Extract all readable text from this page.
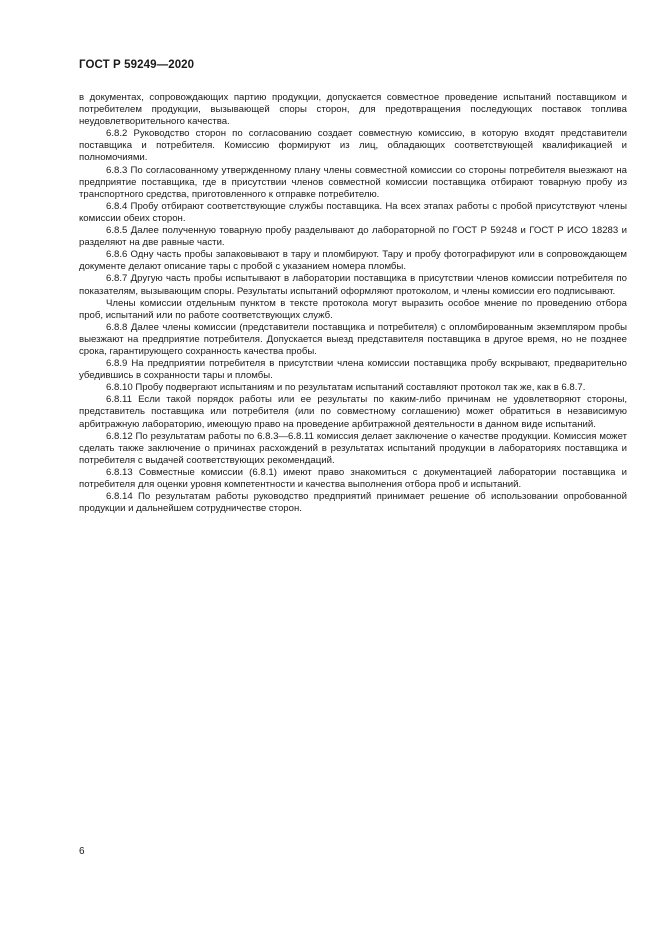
ГОСТ Р 59249—2020

в документах, сопровождающих партию продукции, допускается совместное проведение испытаний поставщиком и потребителем продукции, вызывающей споры сторон, для предотвращения последующих поставок топлива неудовлетворительного качества.

6.8.2 Руководство сторон по согласованию создает совместную комиссию, в которую входят представители поставщика и потребителя. Комиссию формируют из лиц, обладающих соответствующей квалификацией и полномочиями.

6.8.3 По согласованному утвержденному плану члены совместной комиссии со стороны потребителя выезжают на предприятие поставщика, где в присутствии членов совместной комиссии поставщика отбирают товарную пробу из транспортного средства, приготовленного к отправке потребителю.

6.8.4 Пробу отбирают соответствующие службы поставщика. На всех этапах работы с пробой присутствуют члены комиссии обеих сторон.

6.8.5 Далее полученную товарную пробу разделывают до лабораторной по ГОСТ Р 59248 и ГОСТ Р ИСО 18283 и разделяют на две равные части.

6.8.6 Одну часть пробы запаковывают в тару и пломбируют. Тару и пробу фотографируют или в сопровождающем документе делают описание тары с пробой с указанием номера пломбы.

6.8.7 Другую часть пробы испытывают в лаборатории поставщика в присутствии членов комиссии потребителя по показателям, вызывающим споры. Результаты испытаний оформляют протоколом, и члены комиссии его подписывают.

Члены комиссии отдельным пунктом в тексте протокола могут выразить особое мнение по проведению отбора проб, испытаний или по работе соответствующих служб.

6.8.8 Далее члены комиссии (представители поставщика и потребителя) с опломбированным экземпляром пробы выезжают на предприятие потребителя. Допускается выезд представителя поставщика в другое время, но не позднее срока, гарантирующего сохранность качества пробы.

6.8.9 На предприятии потребителя в присутствии члена комиссии поставщика пробу вскрывают, предварительно убедившись в сохранности тары и пломбы.

6.8.10 Пробу подвергают испытаниям и по результатам испытаний составляют протокол так же, как в 6.8.7.

6.8.11 Если такой порядок работы или ее результаты по каким-либо причинам не удовлетворяют стороны, представитель поставщика или потребителя (или по совместному соглашению) может обратиться в независимую арбитражную лабораторию, имеющую право на проведение арбитражной деятельности в данном виде испытаний.

6.8.12 По результатам работы по 6.8.3—6.8.11 комиссия делает заключение о качестве продукции. Комиссия может сделать также заключение о причинах расхождений в результатах испытаний продукции в лабораториях поставщика и потребителя с выдачей соответствующих рекомендаций.

6.8.13 Совместные комиссии (6.8.1) имеют право знакомиться с документацией лаборатории поставщика и потребителя для оценки уровня компетентности и качества выполнения отбора проб и испытаний.

6.8.14 По результатам работы руководство предприятий принимает решение об использовании опробованной продукции и дальнейшем сотрудничестве сторон.

6
